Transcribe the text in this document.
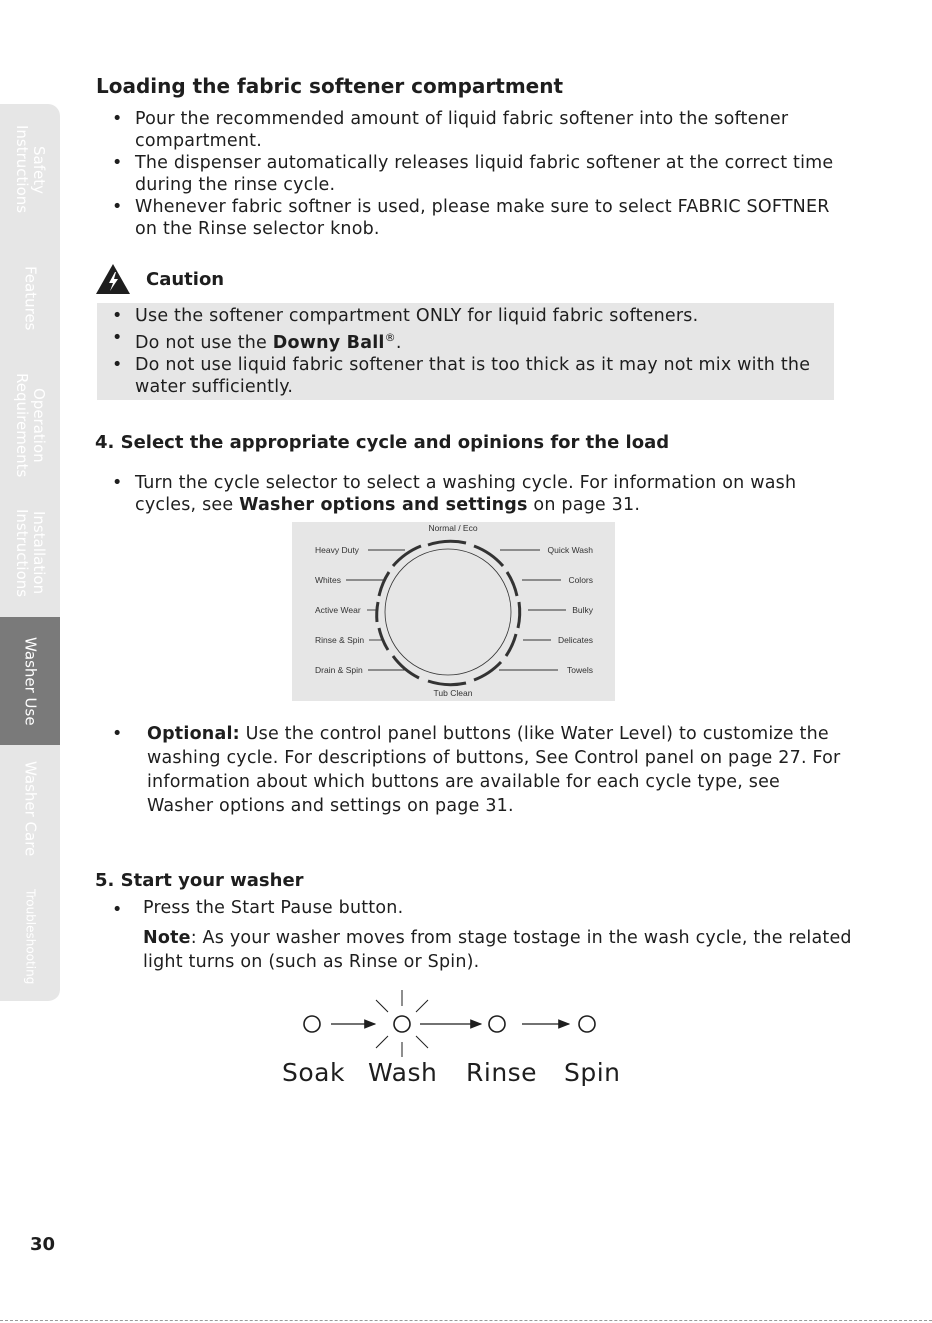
Safety
Instructions
Features
Operation
Requirements
Installation
Instructions
Washer Use
Washer Care
Troubleshooting
Loading the fabric softener compartment
• Pour the recommended amount of liquid fabric softener into the softener compartment.
• The dispenser automatically releases liquid fabric softener at the correct time during the rinse cycle.
• Whenever fabric softner is used, please make sure to select FABRIC SOFTNER on the Rinse selector knob.
Caution
• Use the softener compartment ONLY for liquid fabric softeners.
• Do not use the Downy Ball®.
• Do not use liquid fabric softener that is too thick as it may not mix with the water sufficiently.
4. Select the appropriate cycle and opinions for the load
• Turn the cycle selector to select a washing cycle. For information on wash cycles, see Washer options and settings on page 31.
Normal / Eco
Tub Clean
Heavy Duty
Whites
Active Wear
Rinse & Spin
Drain & Spin
Quick Wash
Colors
Bulky
Delicates
Towels
• Optional: Use the control panel buttons (like Water Level) to customize the washing cycle. For descriptions of buttons, See Control panel on page 27. For information about which buttons are available for each cycle type, see Washer options and settings on page 31.
5. Start your washer
• Press the Start Pause button.
Note: As your washer moves from stage tostage in the wash cycle, the related light turns on (such as Rinse or Spin).
Soak Wash Rinse Spin
30
